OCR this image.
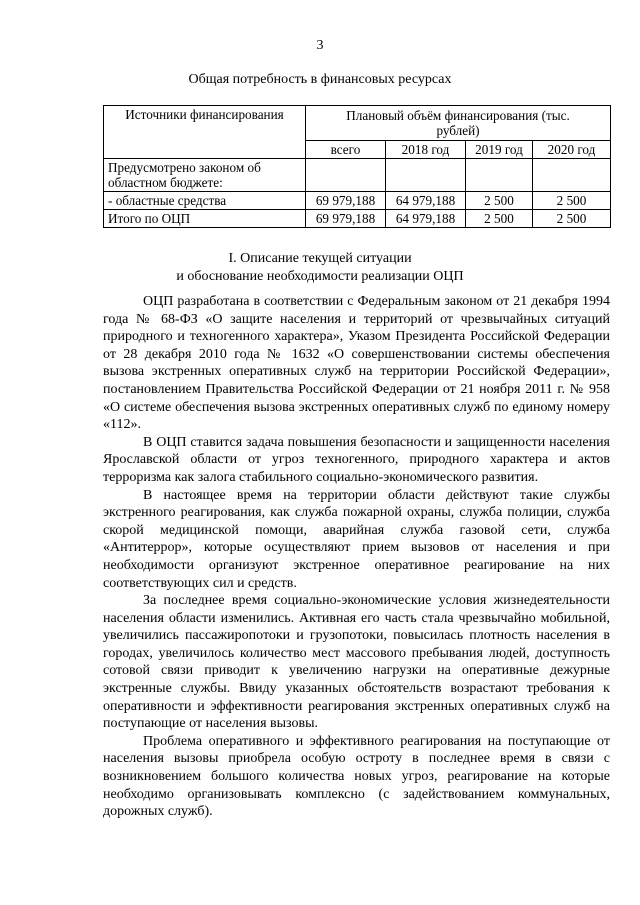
3
Общая потребность в финансовых ресурсах
Источники финансирования	Плановый объём финансирования (тыс. рублей)			
	всего	2018 год	2019 год	2020 год
Предусмотрено законом об областном бюджете:				
- областные средства	69 979,188	64 979,188	2 500	2 500
Итого по ОЦП	69 979,188	64 979,188	2 500	2 500
I. Описание текущей ситуации
и обоснование необходимости реализации ОЦП

ОЦП разработана в соответствии с Федеральным законом от 21 декабря 1994 года № 68-ФЗ «О защите населения и территорий от чрезвычайных ситуаций природного и техногенного характера», Указом Президента Российской Федерации от 28 декабря 2010 года № 1632 «О совершенствовании системы обеспечения вызова экстренных оперативных служб на территории Российской Федерации», постановлением Правительства Российской Федерации от 21 ноября 2011 г. № 958 «О системе обеспечения вызова экстренных оперативных служб по единому номеру «112».

В ОЦП ставится задача повышения безопасности и защищенности населения Ярославской области от угроз техногенного, природного характера и актов терроризма как залога стабильного социально-экономического развития.

В настоящее время на территории области действуют такие службы экстренного реагирования, как служба пожарной охраны, служба полиции, служба скорой медицинской помощи, аварийная служба газовой сети, служба «Антитеррор», которые осуществляют прием вызовов от населения и при необходимости организуют экстренное оперативное реагирование на них соответствующих сил и средств.

За последнее время социально-экономические условия жизнедеятельности населения области изменились. Активная его часть стала чрезвычайно мобильной, увеличились пассажиропотоки и грузопотоки, повысилась плотность населения в городах, увеличилось количество мест массового пребывания людей, доступность сотовой связи приводит к увеличению нагрузки на оперативные дежурные экстренные службы. Ввиду указанных обстоятельств возрастают требования к оперативности и эффективности реагирования экстренных оперативных служб на поступающие от населения вызовы.

Проблема оперативного и эффективного реагирования на поступающие от населения вызовы приобрела особую остроту в последнее время в связи с возникновением большого количества новых угроз, реагирование на которые необходимо организовывать комплексно (с задействованием коммунальных, дорожных служб).
